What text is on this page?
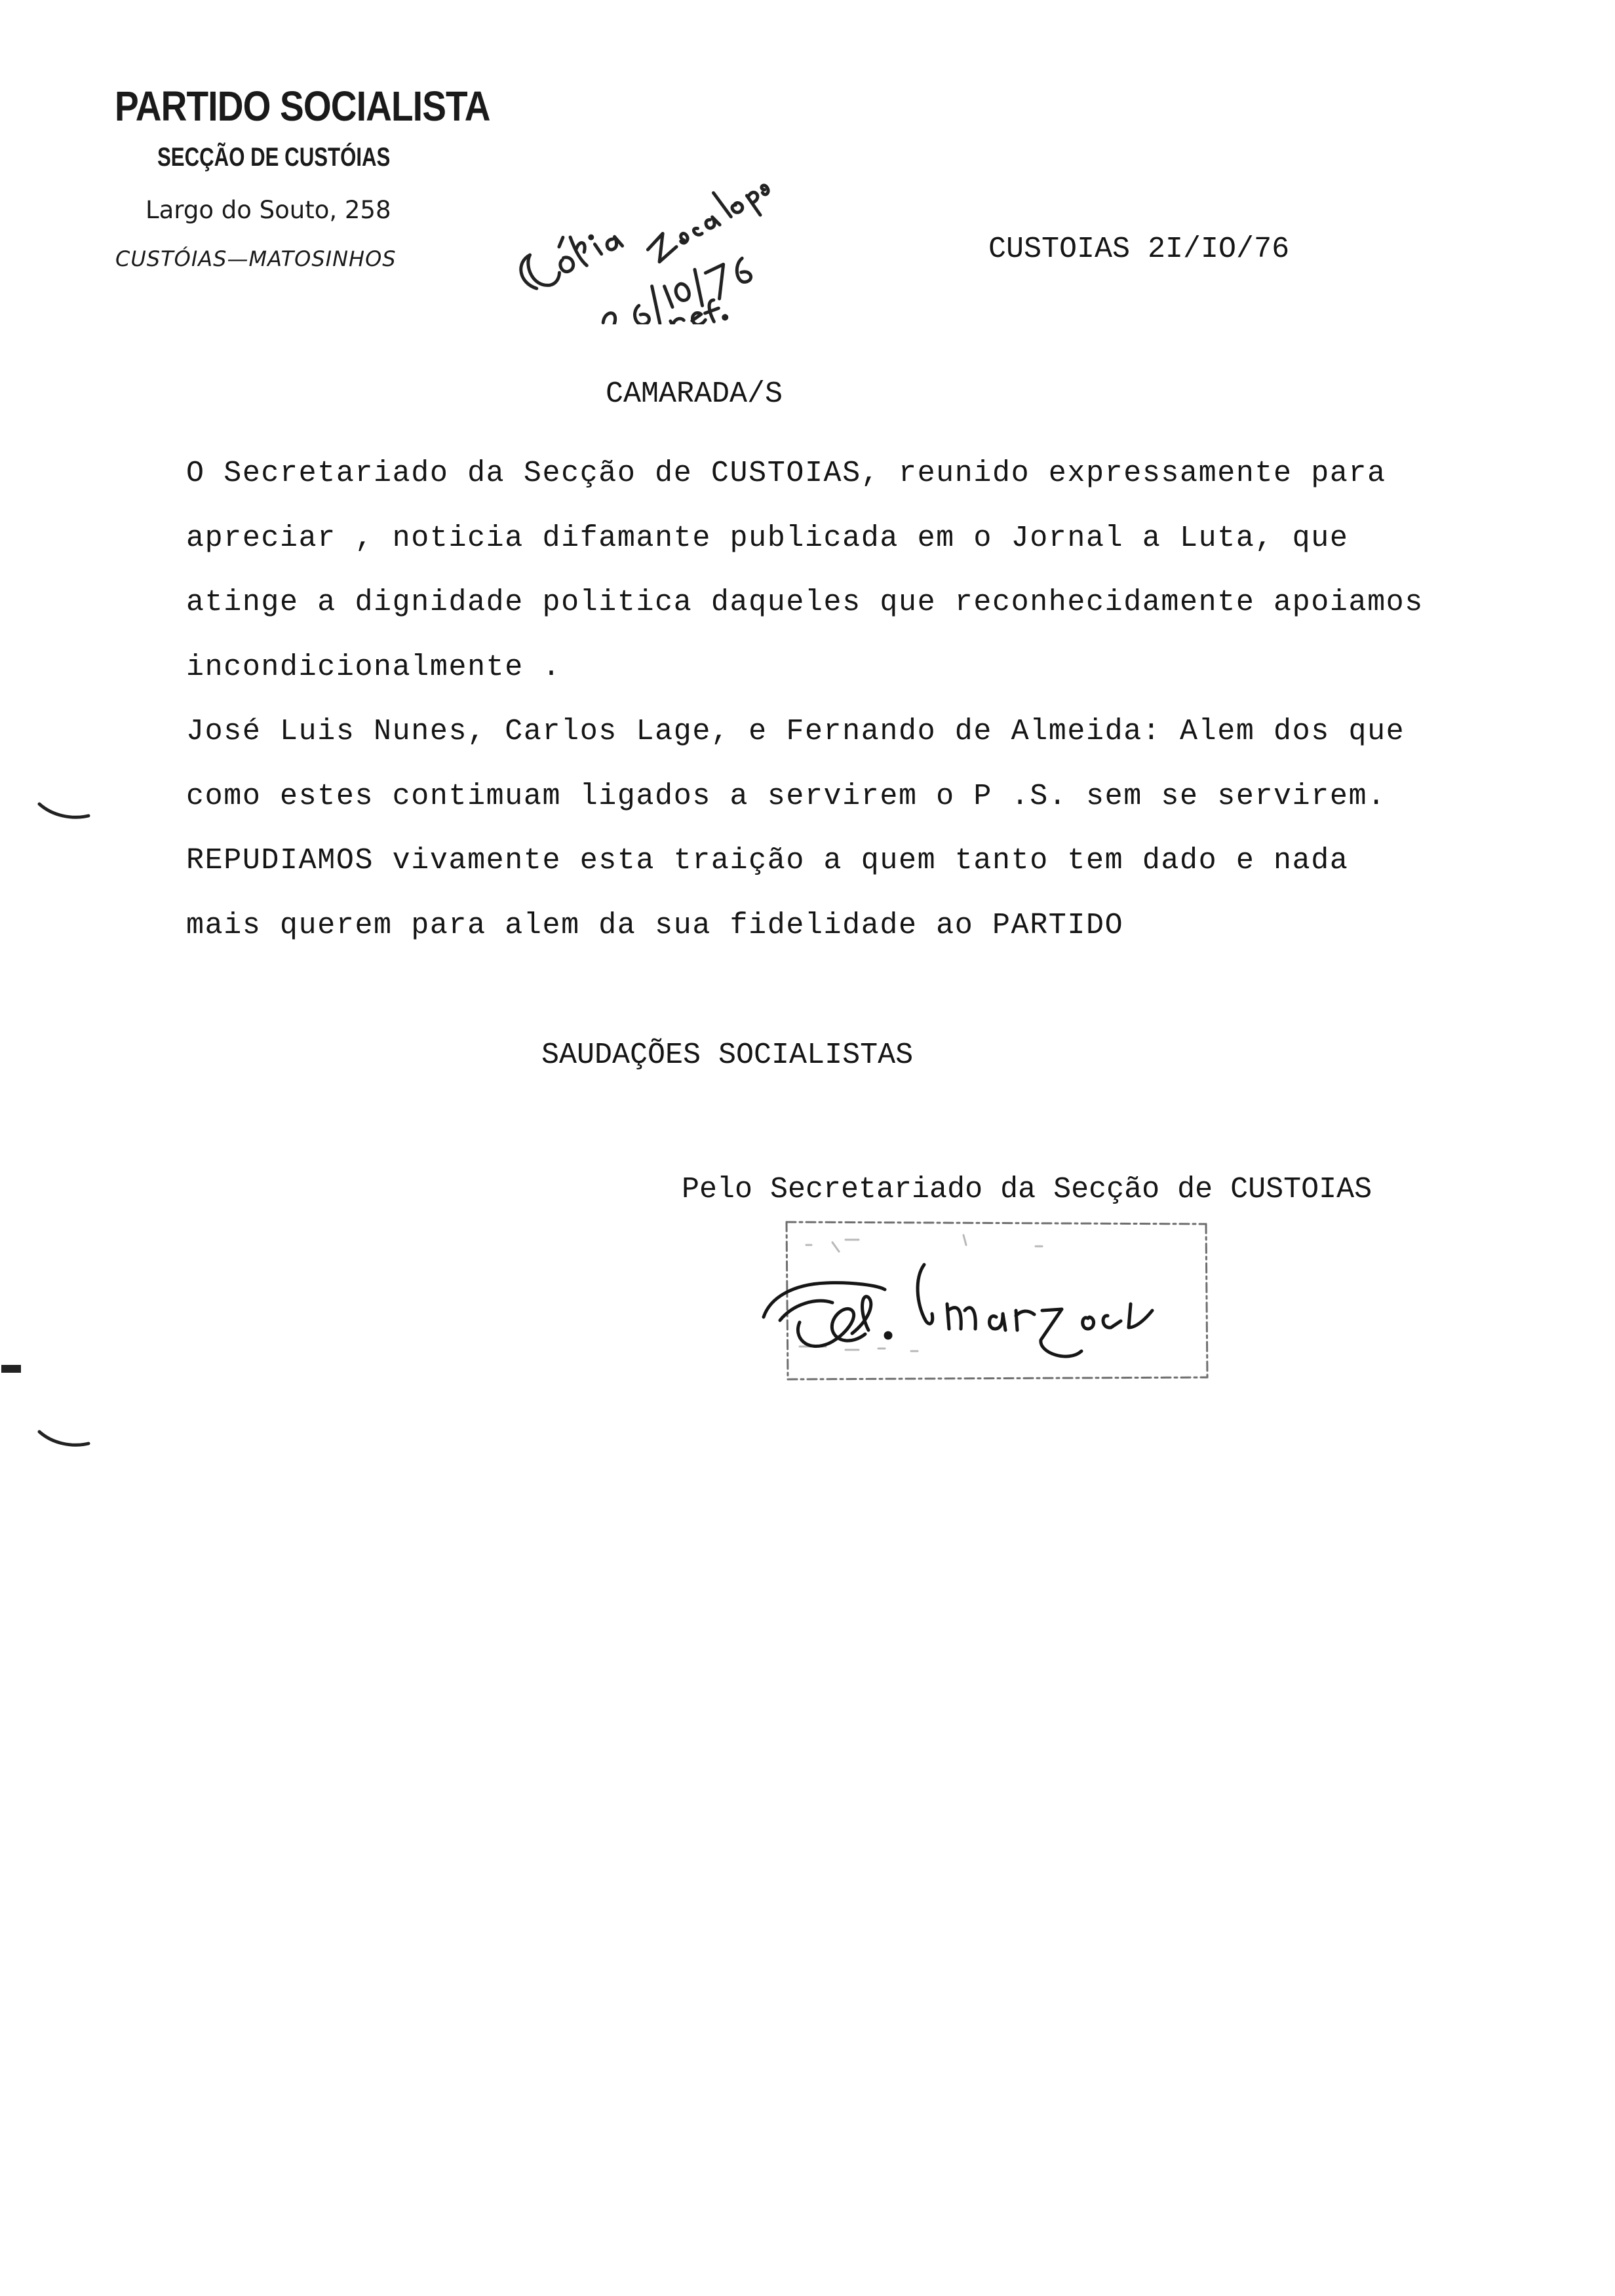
PARTIDO SOCIALISTA
SECÇÃO DE CUSTÓIAS
Largo do Souto, 258
CUSTÓIAS—MATOSINHOS	CUSTOIAS 2I/IO/76
CAMARADA/S
O Secretariado da Secção de CUSTOIAS, reunido expressamente para
apreciar , noticia difamante publicada em o Jornal a Luta, que
atinge a dignidade politica daqueles que reconhecidamente apoiamos
incondicionalmente .
José Luis Nunes, Carlos Lage, e Fernando de Almeida: Alem dos que
como estes contimuam ligados a servirem o P .S. sem se servirem.
REPUDIAMOS vivamente esta traição a quem tanto tem dado e nada
mais querem para alem da sua fidelidade ao PARTIDO
SAUDAÇÕES SOCIALISTAS
Pelo Secretariado da Secção de CUSTOIAS
